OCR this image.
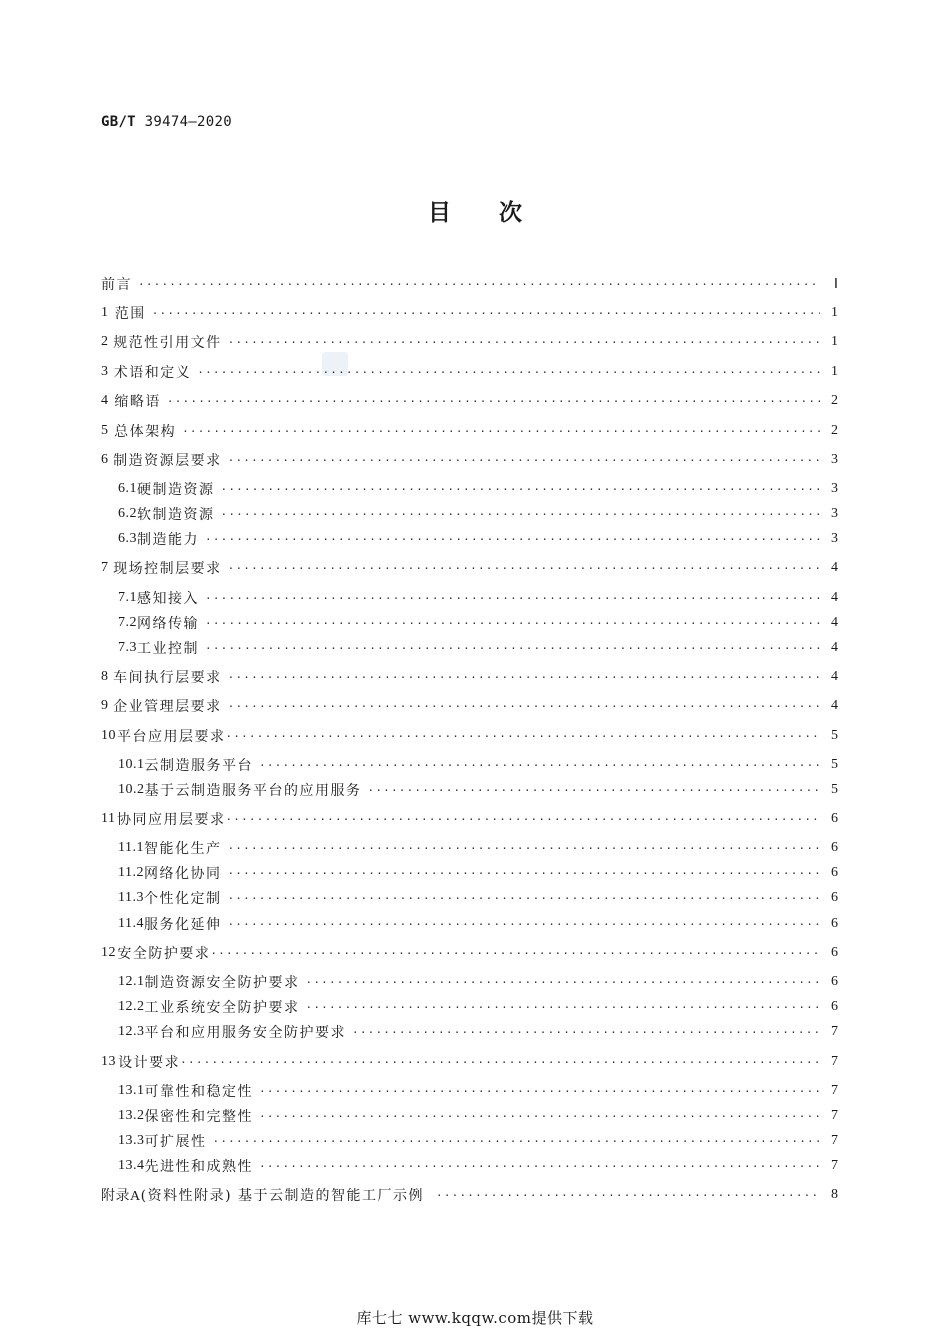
GB/T 39474—2020
目次
前言 ·····	Ⅰ
1 范围 ·····	1
2 规范性引用文件 ·····	1
3 术语和定义 ·····	1
4 缩略语 ·····	2
5 总体架构 ·····	2
6 制造资源层要求 ·····	3
6.1 硬制造资源 ·····	3
6.2 软制造资源 ·····	3
6.3 制造能力 ·····	3
7 现场控制层要求 ·····	4
7.1 感知接入 ·····	4
7.2 网络传输 ·····	4
7.3 工业控制 ·····	4
8 车间执行层要求 ·····	4
9 企业管理层要求 ·····	4
10 平台应用层要求 ·····	5
10.1 云制造服务平台 ·····	5
10.2 基于云制造服务平台的应用服务 ·····	5
11 协同应用层要求 ·····	6
11.1 智能化生产 ·····	6
11.2 网络化协同 ·····	6
11.3 个性化定制 ·····	6
11.4 服务化延伸 ·····	6
12 安全防护要求 ·····	6
12.1 制造资源安全防护要求 ·····	6
12.2 工业系统安全防护要求 ·····	6
12.3 平台和应用服务安全防护要求 ·····	7
13 设计要求 ·····	7
13.1 可靠性和稳定性 ·····	7
13.2 保密性和完整性 ·····	7
13.3 可扩展性 ·····	7
13.4 先进性和成熟性 ·····	7
附录A (资料性附录) 基于云制造的智能工厂示例 ·····	8
库七七 www.kqqw.com提供下载
